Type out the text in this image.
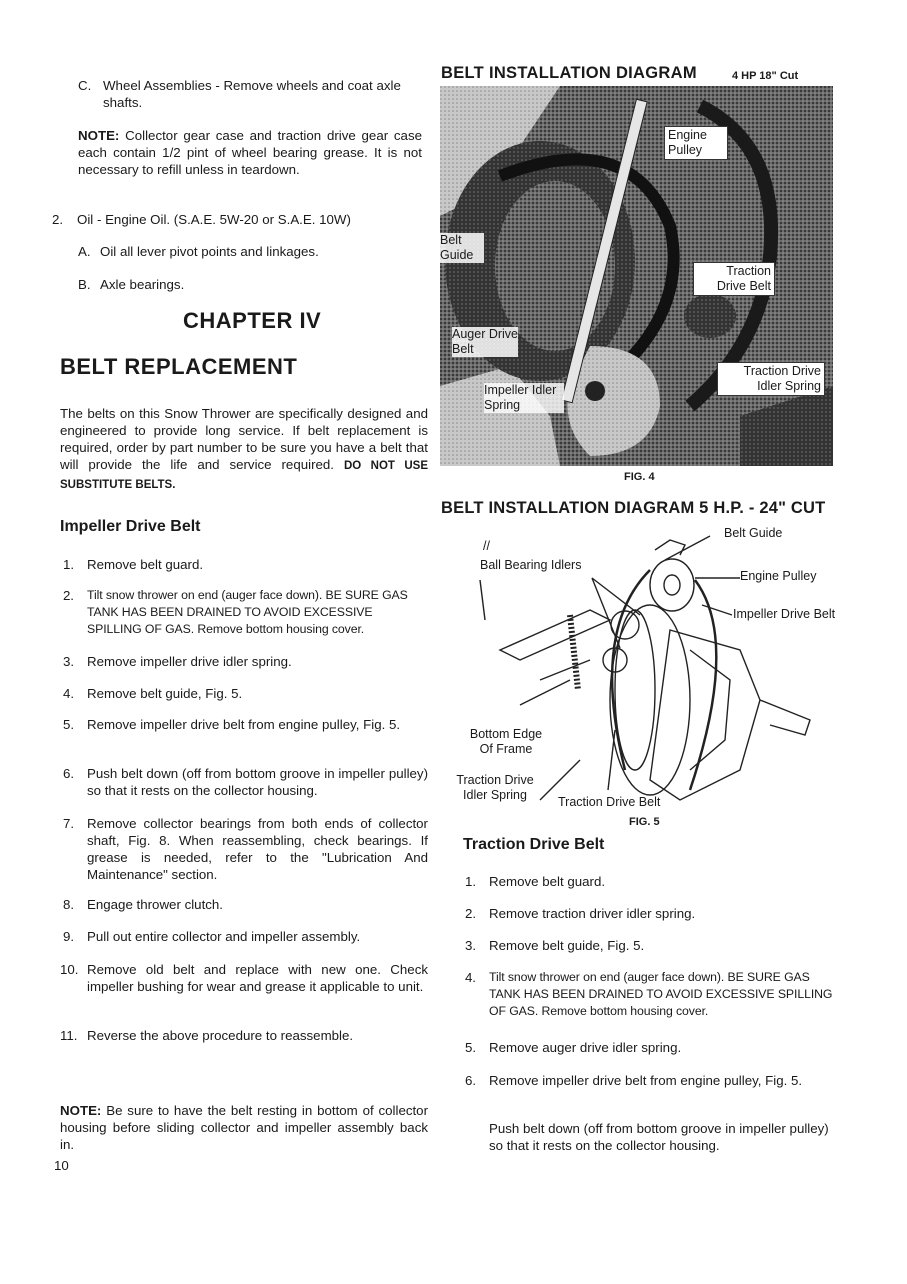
C. Wheel Assemblies - Remove wheels and coat axle shafts.
NOTE: Collector gear case and traction drive gear case each contain 1/2 pint of wheel bearing grease. It is not necessary to refill unless in teardown.
2. Oil - Engine Oil. (S.A.E. 5W-20 or S.A.E. 10W)
A. Oil all lever pivot points and linkages.
B. Axle bearings.
CHAPTER IV
BELT REPLACEMENT
The belts on this Snow Thrower are specifically designed and engineered to provide long service. If belt replacement is required, order by part number to be sure you have a belt that will provide the life and service required. DO NOT USE SUBSTITUTE BELTS.
Impeller Drive Belt
1. Remove belt guard.
2. Tilt snow thrower on end (auger face down). BE SURE GAS TANK HAS BEEN DRAINED TO AVOID EXCESSIVE SPILLING OF GAS. Remove bottom housing cover.
3. Remove impeller drive idler spring.
4. Remove belt guide, Fig. 5.
5. Remove impeller drive belt from engine pulley, Fig. 5.
6. Push belt down (off from bottom groove in impeller pulley) so that it rests on the collector housing.
7. Remove collector bearings from both ends of collector shaft, Fig. 8. When reassembling, check bearings. If grease is needed, refer to the "Lubrication And Maintenance" section.
8. Engage thrower clutch.
9. Pull out entire collector and impeller assembly.
10. Remove old belt and replace with new one. Check impeller bushing for wear and grease it applicable to unit.
11. Reverse the above procedure to reassemble.
NOTE: Be sure to have the belt resting in bottom of collector housing before sliding collector and impeller assembly back in.
10
BELT INSTALLATION DIAGRAM	4 HP 18" Cut
Engine Pulley
Belt Guide
Traction Drive Belt
Auger Drive Belt
Traction Drive Idler Spring
Impeller Idler Spring
FIG. 4
BELT INSTALLATION DIAGRAM 5 H.P. - 24" CUT
//
Belt Guide
Ball Bearing Idlers
Engine Pulley
Impeller Drive Belt
Bottom Edge Of Frame
Traction Drive Idler Spring	Traction Drive Belt
FIG. 5
Traction Drive Belt
1. Remove belt guard.
2. Remove traction driver idler spring.
3. Remove belt guide, Fig. 5.
4. Tilt snow thrower on end (auger face down). BE SURE GAS TANK HAS BEEN DRAINED TO AVOID EXCESSIVE SPILLING OF GAS. Remove bottom housing cover.
5. Remove auger drive idler spring.
6. Remove impeller drive belt from engine pulley, Fig. 5.
Push belt down (off from bottom groove in impeller pulley) so that it rests on the collector housing.
